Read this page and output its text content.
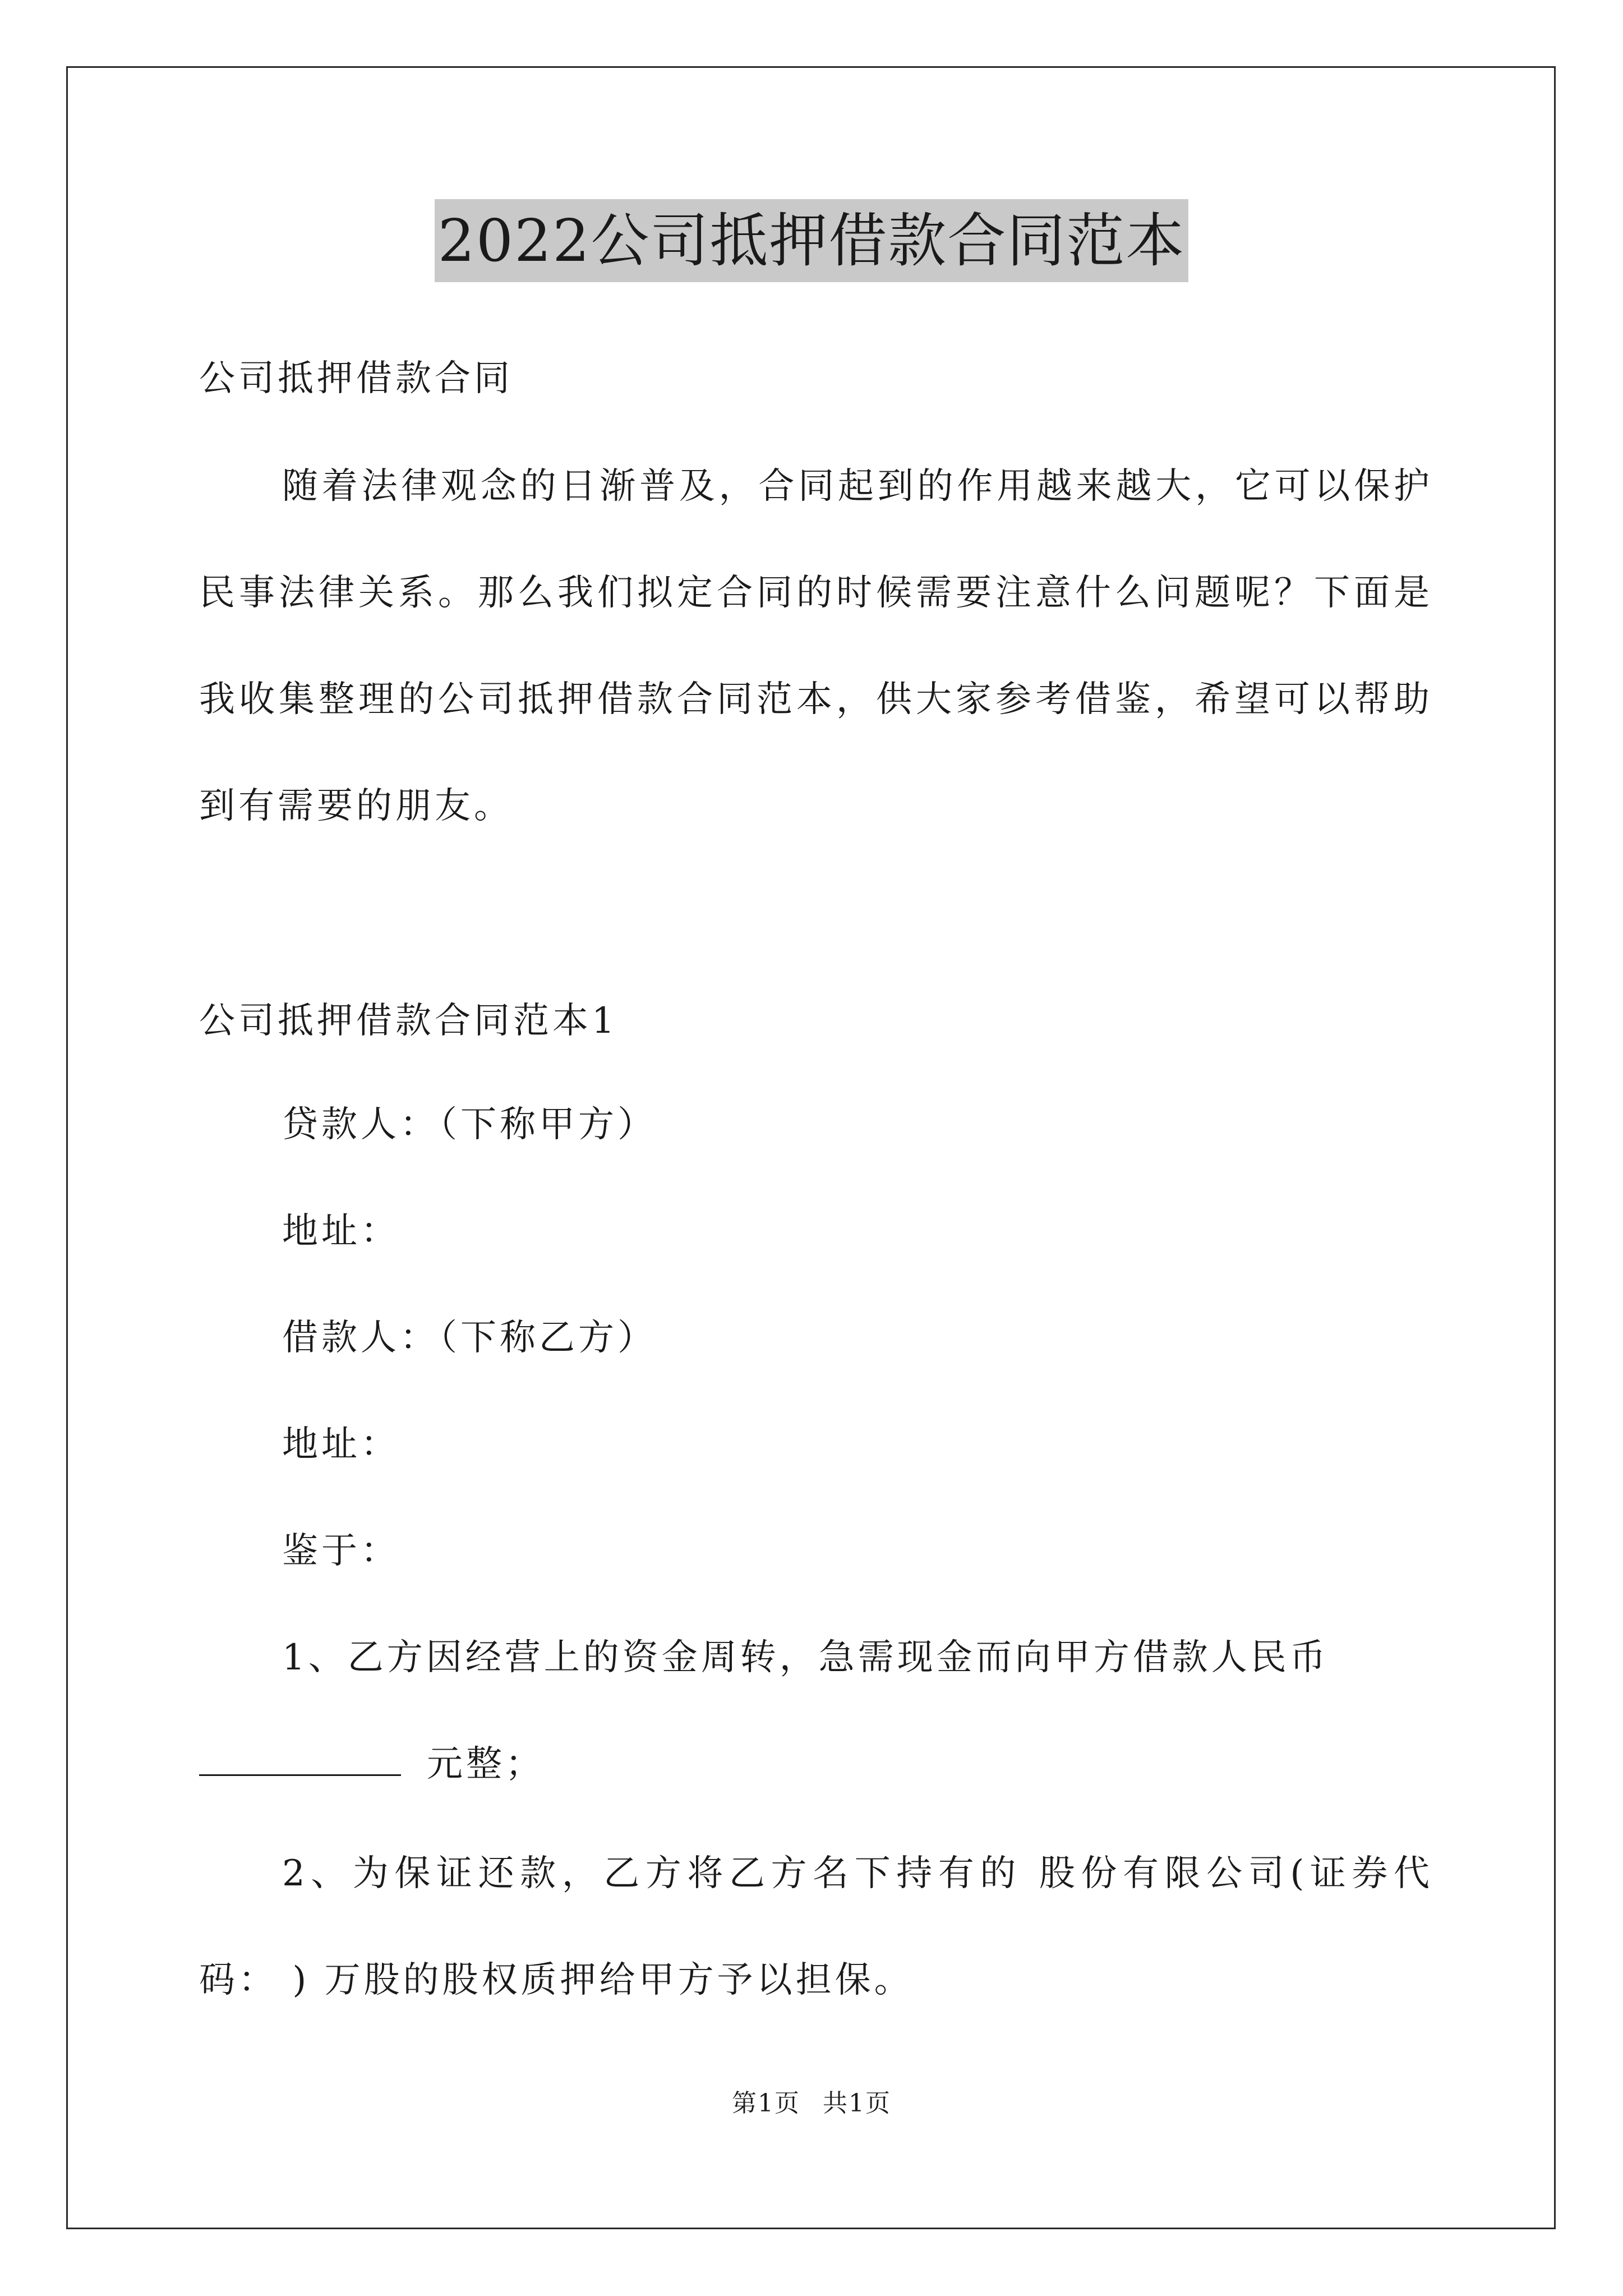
2022公司抵押借款合同范本
公司抵押借款合同
随着法律观念的日渐普及，合同起到的作用越来越大，它可以保护民事法律关系。那么我们拟定合同的时候需要注意什么问题呢？下面是我收集整理的公司抵押借款合同范本，供大家参考借鉴，希望可以帮助到有需要的朋友。
公司抵押借款合同范本1
贷款人：（下称甲方）
地址：
借款人：（下称乙方）
地址：
鉴于：
1、乙方因经营上的资金周转，急需现金而向甲方借款人民币
元整；
2、为保证还款，乙方将乙方名下持有的 股份有限公司(证券代码： ) 万股的股权质押给甲方予以担保。
第1页 共1页
